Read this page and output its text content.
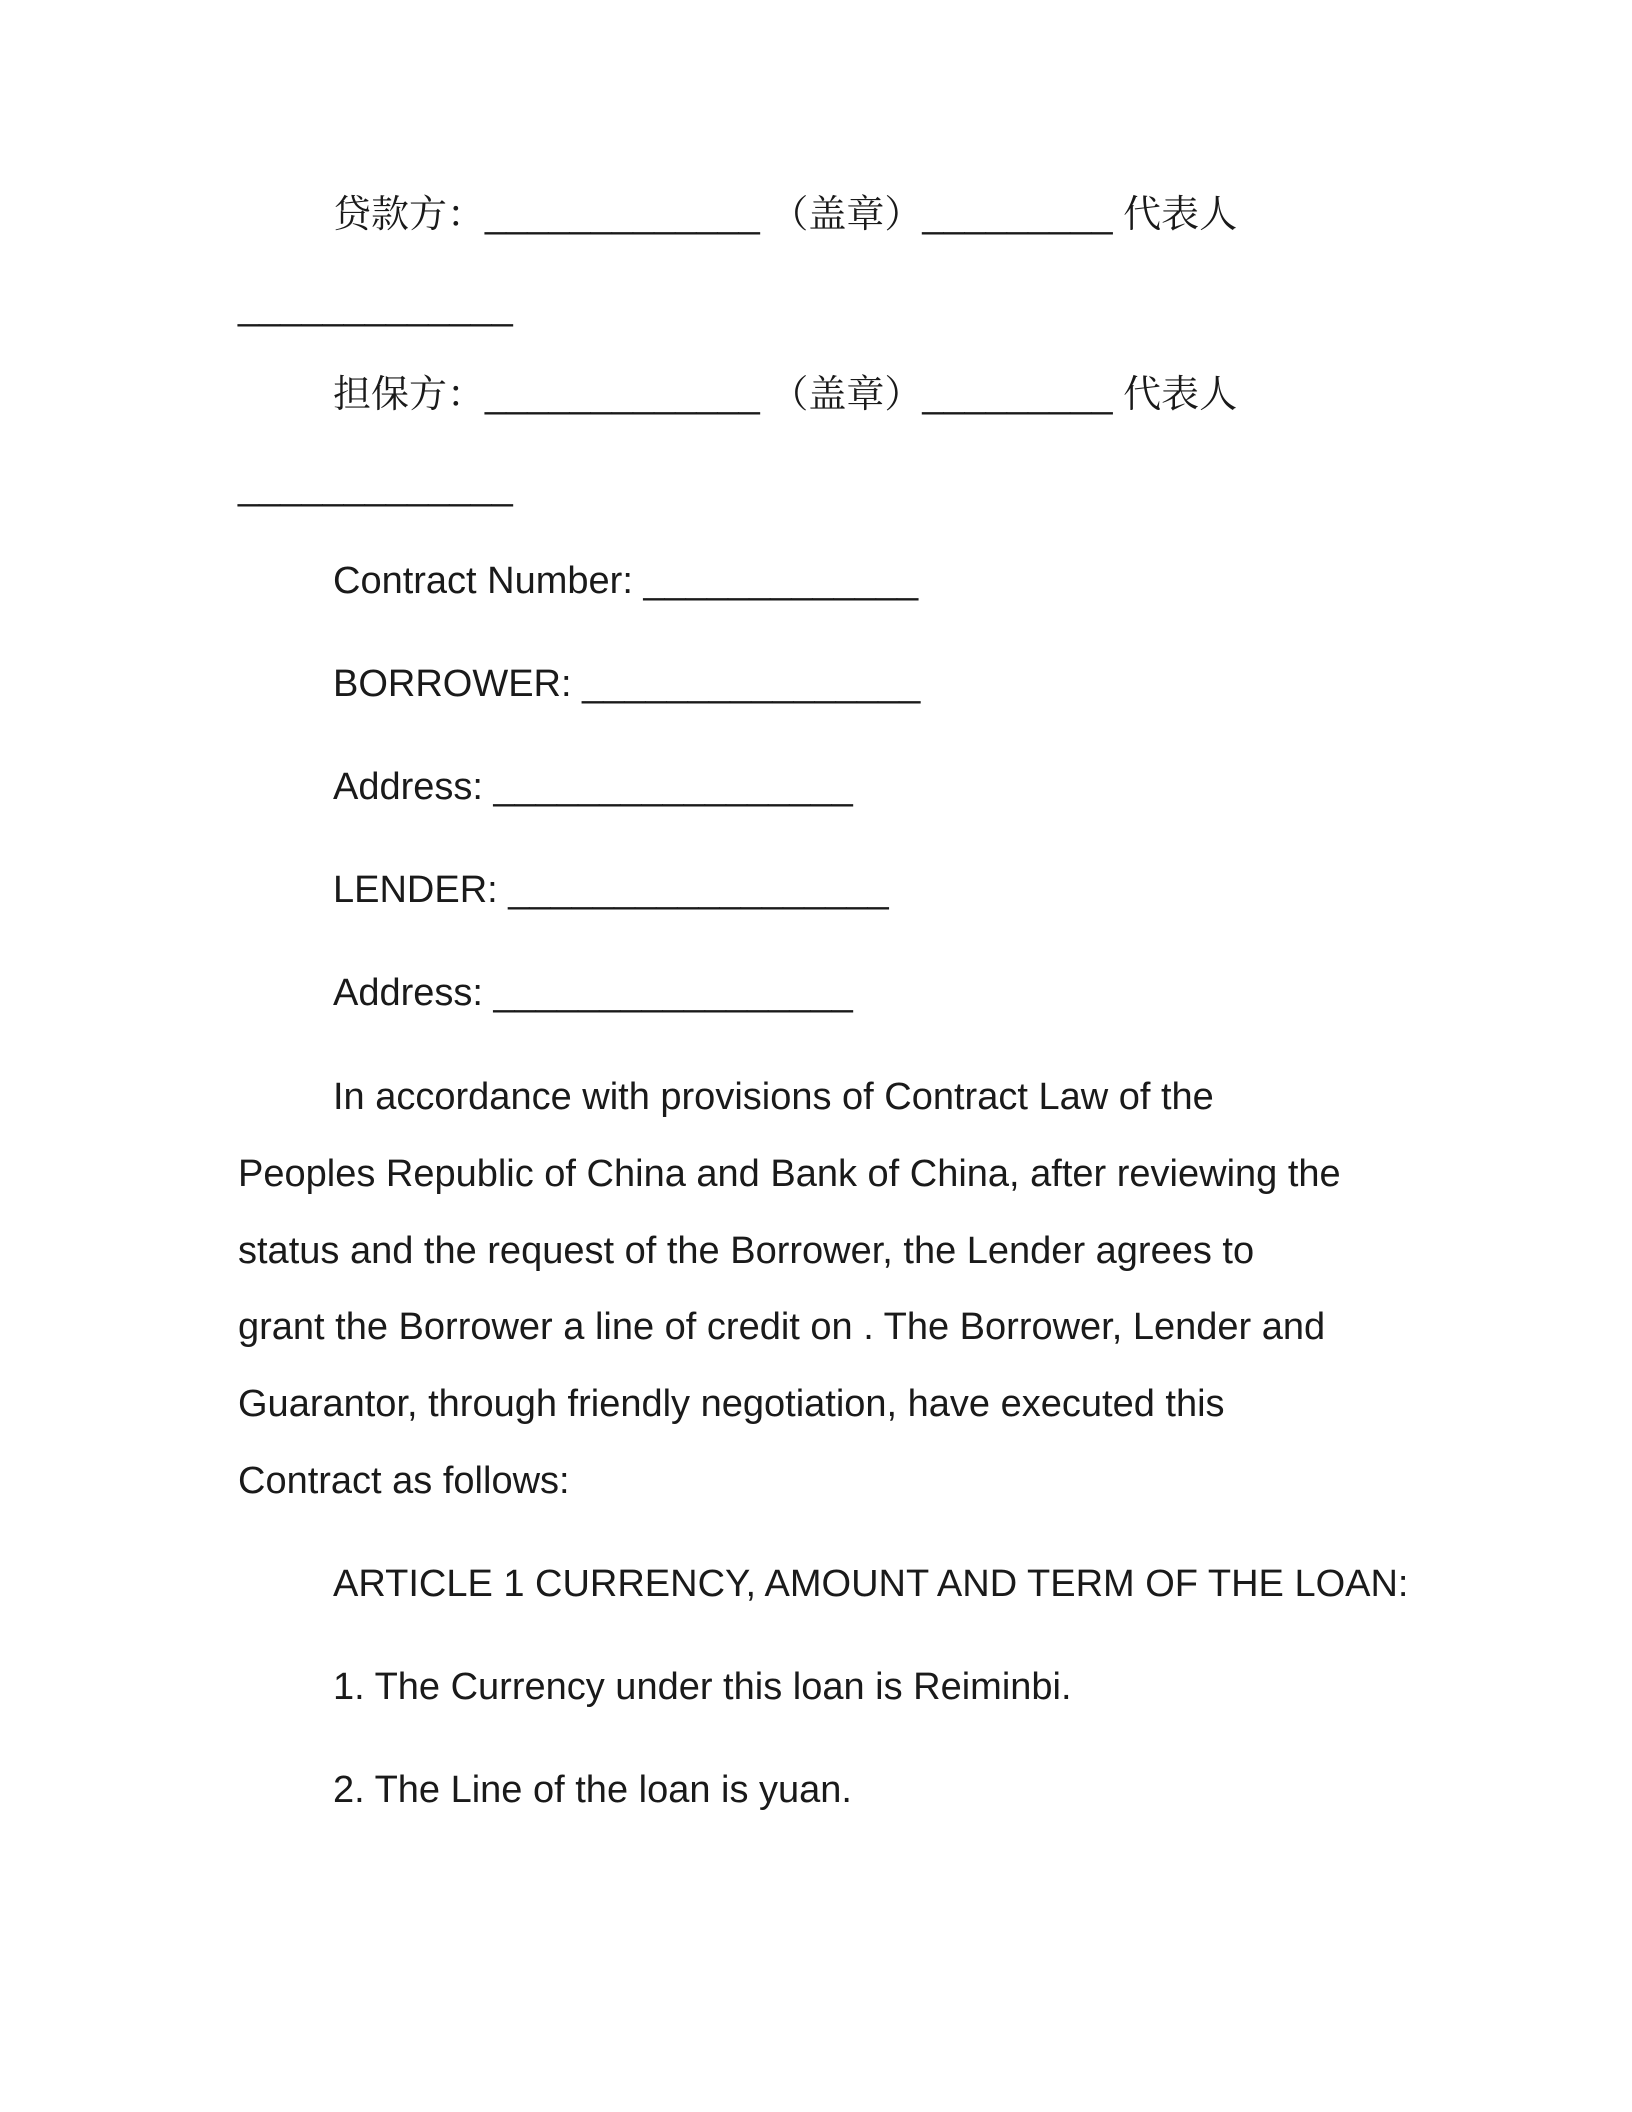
贷款方：_____________ （盖章）_________ 代表人
_____________
担保方：_____________ （盖章）_________ 代表人
_____________
Contract Number: _____________
BORROWER: ________________
Address: _________________
LENDER: __________________
Address: _________________
In accordance with provisions of Contract Law of the
Peoples Republic of China and Bank of China, after reviewing the
status and the request of the Borrower, the Lender agrees to
grant the Borrower a line of credit on . The Borrower, Lender and
Guarantor, through friendly negotiation, have executed this
Contract as follows:
ARTICLE 1 CURRENCY, AMOUNT AND TERM OF THE LOAN:
1. The Currency under this loan is Reiminbi.
2. The Line of the loan is yuan.
